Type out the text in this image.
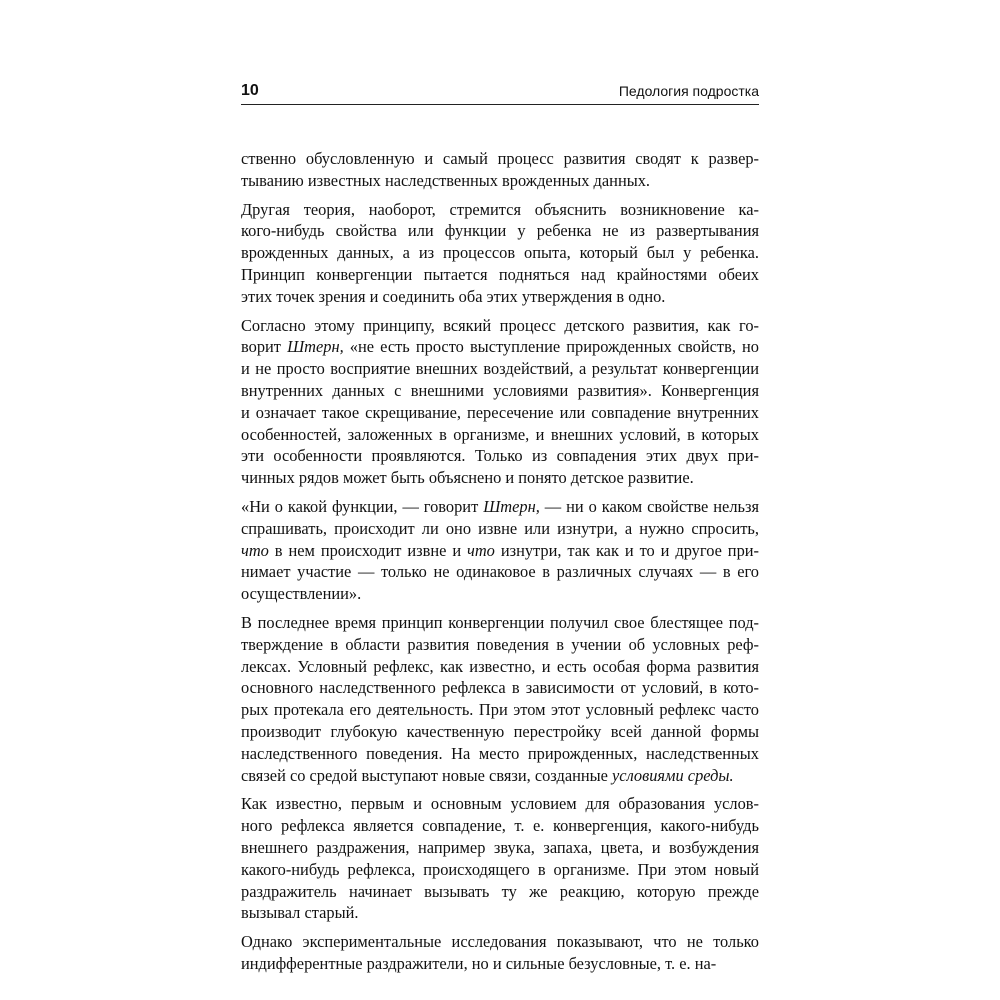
10	Педология подростка

ственно обусловленную и самый процесс развития сводят к развер-
тыванию известных наследственных врожденных данных.

Другая теория, наоборот, стремится объяснить возникновение ка-
кого-нибудь свойства или функции у ребенка не из развертывания
врожденных данных, а из процессов опыта, который был у ребенка.
Принцип конвергенции пытается подняться над крайностями обеих
этих точек зрения и соединить оба этих утверждения в одно.

Согласно этому принципу, всякий процесс детского развития, как го-
ворит Штерн, «не есть просто выступление прирожденных свойств, но
и не просто восприятие внешних воздействий, а результат конвергенции
внутренних данных с внешними условиями развития». Конвергенция
и означает такое скрещивание, пересечение или совпадение внутренних
особенностей, заложенных в организме, и внешних условий, в которых
эти особенности проявляются. Только из совпадения этих двух при-
чинных рядов может быть объяснено и понято детское развитие.

«Ни о какой функции, — говорит Штерн, — ни о каком свойстве нельзя
спрашивать, происходит ли оно извне или изнутри, а нужно спросить,
что в нем происходит извне и что изнутри, так как и то и другое при-
нимает участие — только не одинаковое в различных случаях — в его
осуществлении».

В последнее время принцип конвергенции получил свое блестящее под-
тверждение в области развития поведения в учении об условных реф-
лексах. Условный рефлекс, как известно, и есть особая форма развития
основного наследственного рефлекса в зависимости от условий, в кото-
рых протекала его деятельность. При этом этот условный рефлекс часто
производит глубокую качественную перестройку всей данной формы
наследственного поведения. На место прирожденных, наследственных
связей со средой выступают новые связи, созданные условиями среды.

Как известно, первым и основным условием для образования услов-
ного рефлекса является совпадение, т. е. конвергенция, какого-нибудь
внешнего раздражения, например звука, запаха, цвета, и возбуждения
какого-нибудь рефлекса, происходящего в организме. При этом новый
раздражитель начинает вызывать ту же реакцию, которую прежде
вызывал старый.

Однако экспериментальные исследования показывают, что не только
индифферентные раздражители, но и сильные безусловные, т. е. на-
